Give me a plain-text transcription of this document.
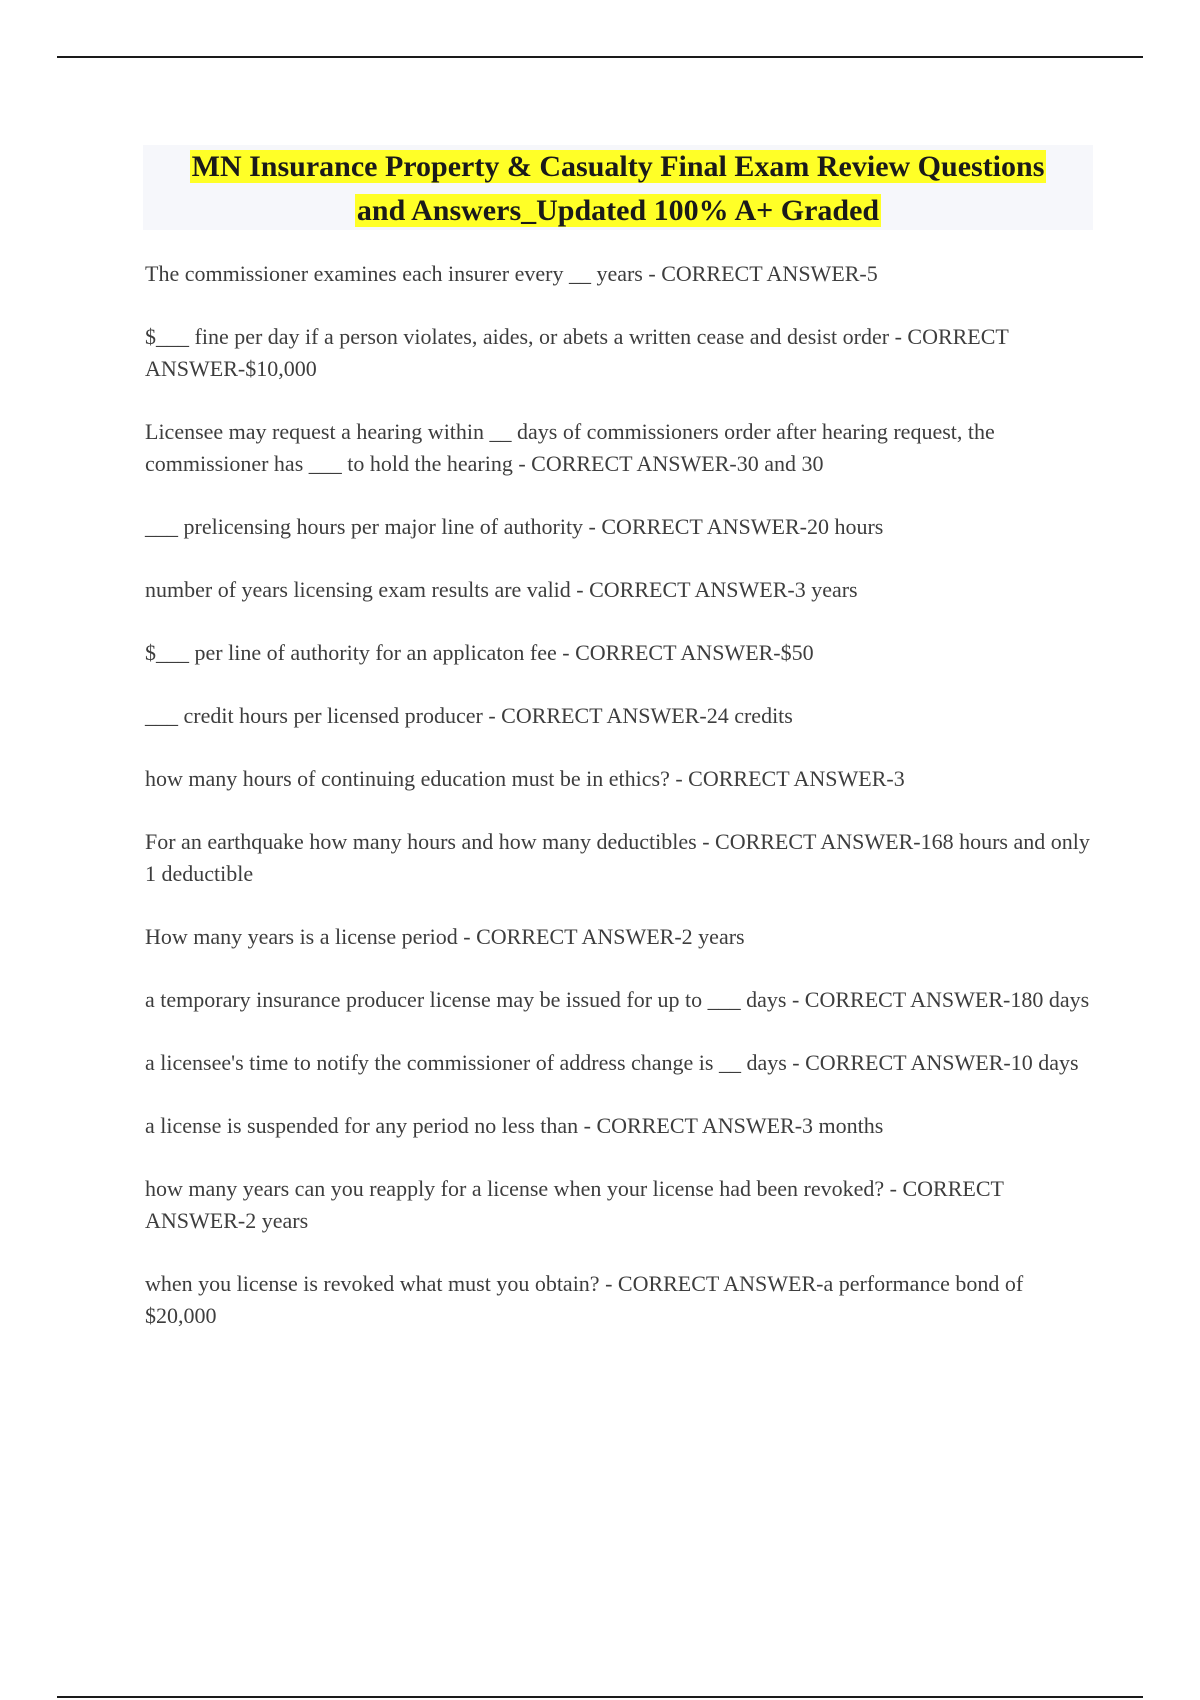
MN Insurance Property & Casualty Final Exam Review Questions
and Answers_Updated 100% A+ Graded
The commissioner examines each insurer every __ years - CORRECT ANSWER-5
$___ fine per day if a person violates, aides, or abets a written cease and desist order - CORRECT ANSWER-$10,000
Licensee may request a hearing within __ days of commissioners order after hearing request, the commissioner has ___ to hold the hearing - CORRECT ANSWER-30 and 30
___ prelicensing hours per major line of authority - CORRECT ANSWER-20 hours
number of years licensing exam results are valid - CORRECT ANSWER-3 years
$___ per line of authority for an applicaton fee - CORRECT ANSWER-$50
___ credit hours per licensed producer - CORRECT ANSWER-24 credits
how many hours of continuing education must be in ethics? - CORRECT ANSWER-3
For an earthquake how many hours and how many deductibles - CORRECT ANSWER-168 hours and only 1 deductible
How many years is a license period - CORRECT ANSWER-2 years
a temporary insurance producer license may be issued for up to ___ days - CORRECT ANSWER-180 days
a licensee's time to notify the commissioner of address change is __ days - CORRECT ANSWER-10 days
a license is suspended for any period no less than - CORRECT ANSWER-3 months
how many years can you reapply for a license when your license had been revoked? - CORRECT ANSWER-2 years
when you license is revoked what must you obtain? - CORRECT ANSWER-a performance bond of $20,000
